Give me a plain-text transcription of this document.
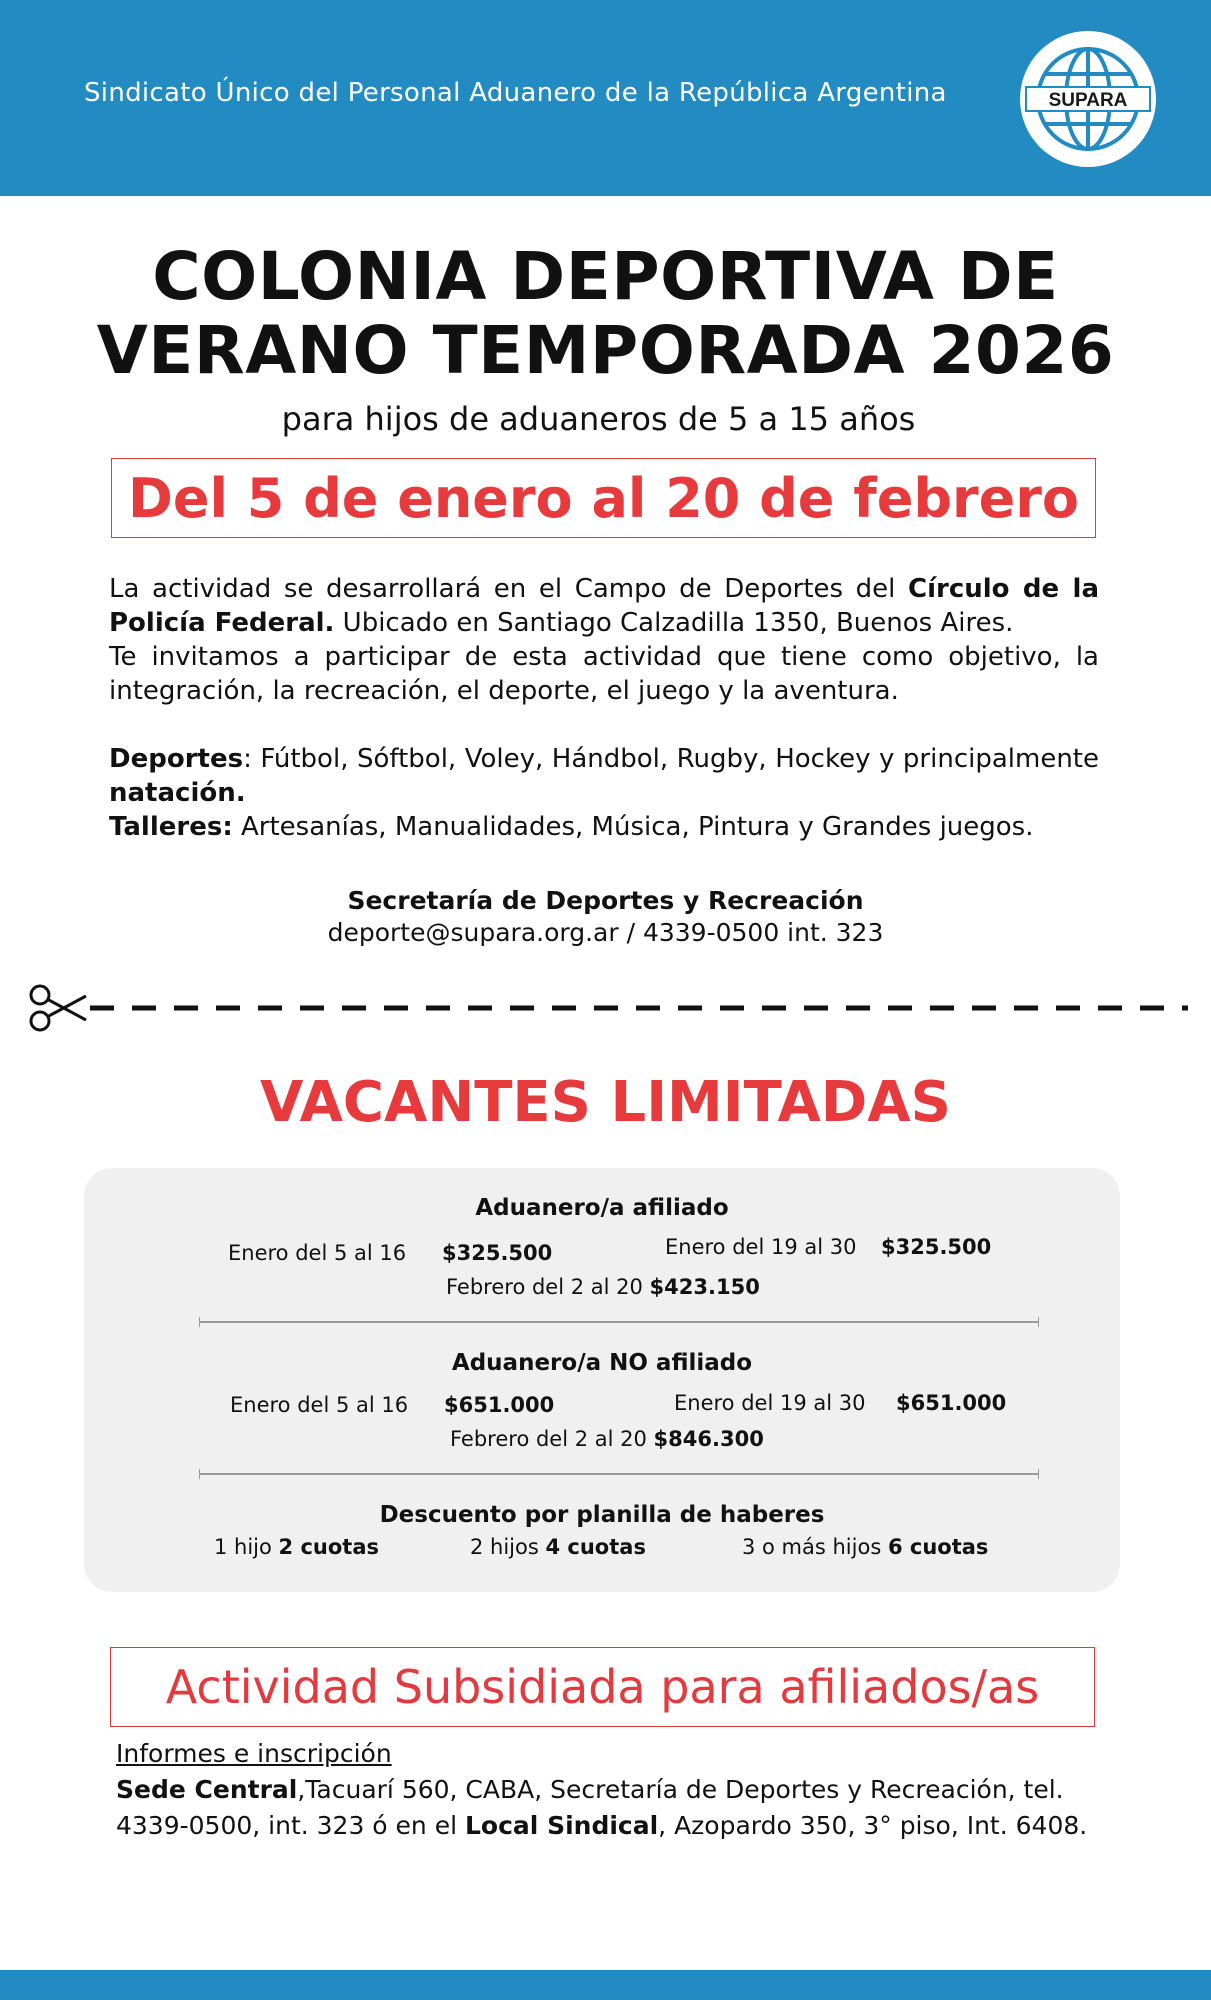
Sindicato Único del Personal Aduanero de la República Argentina	SUPARA
COLONIA DEPORTIVA DE
VERANO TEMPORADA 2026
para hijos de aduaneros de 5 a 15 años
Del 5 de enero al 20 de febrero

La actividad se desarrollará en el Campo de Deportes del Círculo de la Policía Federal. Ubicado en Santiago Calzadilla 1350, Buenos Aires.

Te invitamos a participar de esta actividad que tiene como objetivo, la integración, la recreación, el deporte, el juego y la aventura.

Deportes: Fútbol, Sóftbol, Voley, Hándbol, Rugby, Hockey y principalmente natación.

Talleres: Artesanías, Manualidades, Música, Pintura y Grandes juegos.

Secretaría de Deportes y Recreación
deporte@supara.org.ar / 4339-0500 int. 323
VACANTES LIMITADAS
Aduanero/a afiliado
Enero del 5 al 16 $325.500	Enero del 19 al 30 $325.500
Febrero del 2 al 20 $423.150
Aduanero/a NO afiliado
Enero del 5 al 16 $651.000	Enero del 19 al 30 $651.000
Febrero del 2 al 20 $846.300
Descuento por planilla de haberes
1 hijo 2 cuotas	2 hijos 4 cuotas	3 o más hijos 6 cuotas
Actividad Subsidiada para afiliados/as
Informes e inscripción
Sede Central,Tacuarí 560, CABA, Secretaría de Deportes y Recreación, tel. 4339-0500, int. 323 ó en el Local Sindical, Azopardo 350, 3° piso, Int. 6408.
